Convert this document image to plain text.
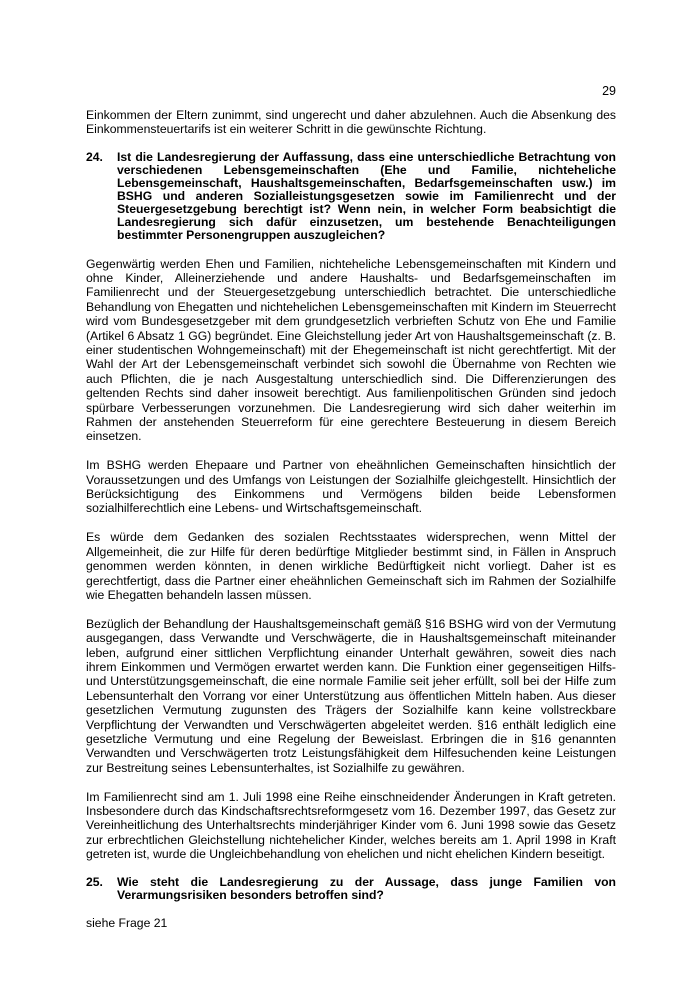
29

Einkommen der Eltern zunimmt, sind ungerecht und daher abzulehnen. Auch die Absenkung des Einkommensteuertarifs ist ein weiterer Schritt in die gewünschte Richtung.

24.	Ist die Landesregierung der Auffassung, dass eine unterschiedliche Betrachtung von verschiedenen Lebensgemeinschaften (Ehe und Familie, nichteheliche Lebensgemeinschaft, Haushaltsgemeinschaften, Bedarfsgemeinschaften usw.) im BSHG und anderen Sozialleistungsgesetzen sowie im Familienrecht und der Steuergesetzgebung berechtigt ist? Wenn nein, in welcher Form beabsichtigt die Landesregierung sich dafür einzusetzen, um bestehende Benachteiligungen bestimmter Personengruppen auszugleichen?

Gegenwärtig werden Ehen und Familien, nichteheliche Lebensgemeinschaften mit Kindern und ohne Kinder, Alleinerziehende und andere Haushalts- und Bedarfsgemeinschaften im Familienrecht und der Steuergesetzgebung unterschiedlich betrachtet. Die unterschiedliche Behandlung von Ehegatten und nichtehelichen Lebensgemeinschaften mit Kindern im Steuerrecht wird vom Bundesgesetzgeber mit dem grundgesetzlich verbrieften Schutz von Ehe und Familie (Artikel 6 Absatz 1 GG) begründet. Eine Gleichstellung jeder Art von Haushaltsgemeinschaft (z. B. einer studentischen Wohngemeinschaft) mit der Ehegemeinschaft ist nicht gerechtfertigt. Mit der Wahl der Art der Lebensgemeinschaft verbindet sich sowohl die Übernahme von Rechten wie auch Pflichten, die je nach Ausgestaltung unterschiedlich sind. Die Differenzierungen des geltenden Rechts sind daher insoweit berechtigt. Aus familienpolitischen Gründen sind jedoch spürbare Verbesserungen vorzunehmen. Die Landesregierung wird sich daher weiterhin im Rahmen der anstehenden Steuerreform für eine gerechtere Besteuerung in diesem Bereich einsetzen.

Im BSHG werden Ehepaare und Partner von eheähnlichen Gemeinschaften hinsichtlich der Voraussetzungen und des Umfangs von Leistungen der Sozialhilfe gleichgestellt. Hinsichtlich der Berücksichtigung des Einkommens und Vermögens bilden beide Lebensformen sozialhilferechtlich eine Lebens- und Wirtschaftsgemeinschaft.

Es würde dem Gedanken des sozialen Rechtsstaates widersprechen, wenn Mittel der Allgemeinheit, die zur Hilfe für deren bedürftige Mitglieder bestimmt sind, in Fällen in Anspruch genommen werden könnten, in denen wirkliche Bedürftigkeit nicht vorliegt. Daher ist es gerechtfertigt, dass die Partner einer eheähnlichen Gemeinschaft sich im Rahmen der Sozialhilfe wie Ehegatten behandeln lassen müssen.

Bezüglich der Behandlung der Haushaltsgemeinschaft gemäß §16 BSHG wird von der Vermutung ausgegangen, dass Verwandte und Verschwägerte, die in Haushaltsgemeinschaft miteinander leben, aufgrund einer sittlichen Verpflichtung einander Unterhalt gewähren, soweit dies nach ihrem Einkommen und Vermögen erwartet werden kann. Die Funktion einer gegenseitigen Hilfs- und Unterstützungsgemeinschaft, die eine normale Familie seit jeher erfüllt, soll bei der Hilfe zum Lebensunterhalt den Vorrang vor einer Unterstützung aus öffentlichen Mitteln haben. Aus dieser gesetzlichen Vermutung zugunsten des Trägers der Sozialhilfe kann keine vollstreckbare Verpflichtung der Verwandten und Verschwägerten abgeleitet werden. §16 enthält lediglich eine gesetzliche Vermutung und eine Regelung der Beweislast. Erbringen die in §16 genannten Verwandten und Verschwägerten trotz Leistungsfähigkeit dem Hilfesuchenden keine Leistungen zur Bestreitung seines Lebensunterhaltes, ist Sozialhilfe zu gewähren.

Im Familienrecht sind am 1. Juli 1998 eine Reihe einschneidender Änderungen in Kraft getreten. Insbesondere durch das Kindschaftsrechtsreformgesetz vom 16. Dezember 1997, das Gesetz zur Vereinheitlichung des Unterhaltsrechts minderjähriger Kinder vom 6. Juni 1998 sowie das Gesetz zur erbrechtlichen Gleichstellung nichtehelicher Kinder, welches bereits am 1. April 1998 in Kraft getreten ist, wurde die Ungleichbehandlung von ehelichen und nicht ehelichen Kindern beseitigt.

25.	Wie steht die Landesregierung zu der Aussage, dass junge Familien von Verarmungsrisiken besonders betroffen sind?

siehe Frage 21
